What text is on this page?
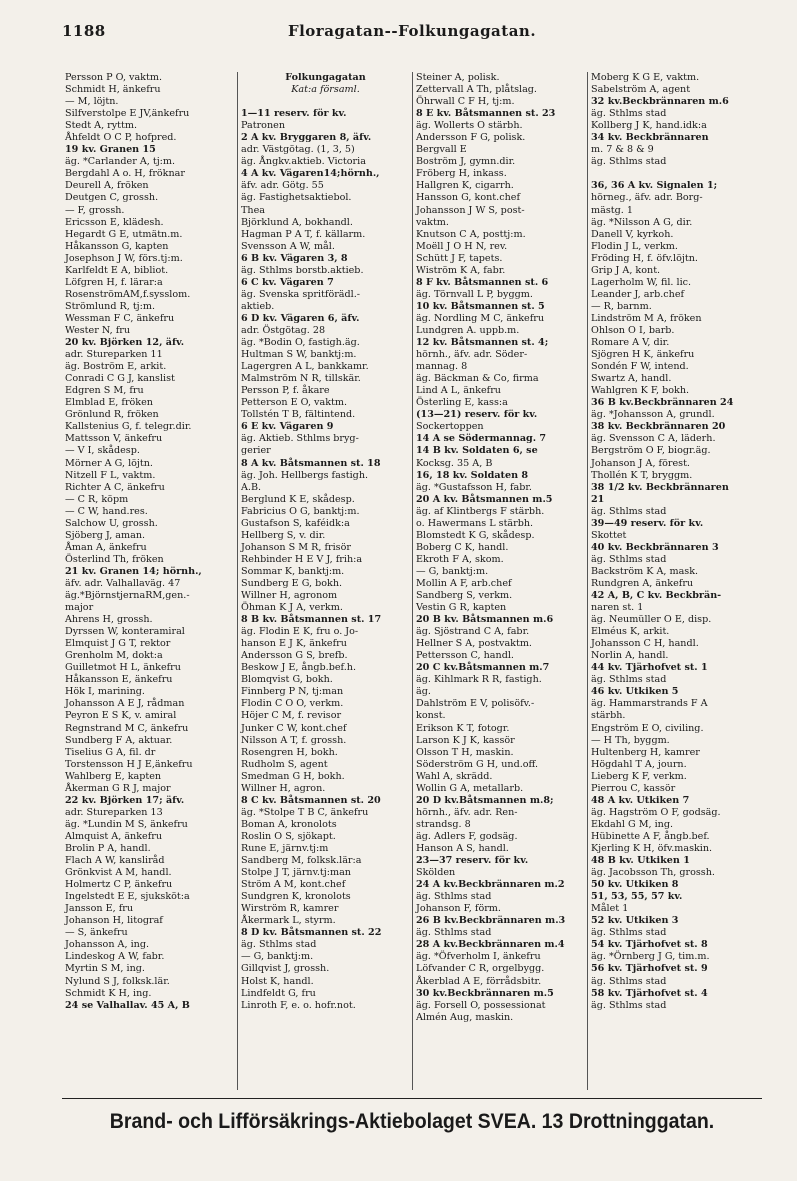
1188	Floragatan--Folkungagatan.
Persson P O, vaktm.
Schmidt H, änkefru
— M, löjtn.
Silfverstolpe E JV,änkefru
Stedt A, ryttm.
Åhfeldt O C P, hofpred.
19 kv. Granen 15
äg. *Carlander A, tj:m.
Bergdahl A o. H, fröknar
Deurell A, fröken
Deutgen C, grossh.
— F, grossh.
Ericsson E, klädesh.
Hegardt G E, utmätn.m.
Håkansson G, kapten
Josephson J W, förs.tj:m.
Karlfeldt E A, bibliot.
Löfgren H, f. lärar:a
RosenströmAM,f.sysslom.
Strömlund R, tj:m.
Wessman F C, änkefru
Wester N, fru
20 kv. Björken 12, äfv.
adr. Stureparken 11
äg. Boström E, arkit.
Conradi C G J, kanslist
Edgren S M, fru
Elmblad E, fröken
Grönlund R, fröken
Kallstenius G, f. telegr.dir.
Mattsson V, änkefru
— V I, skådesp.
Mörner A G, löjtn.
Nitzell F L, vaktm.
Richter A C, änkefru
— C R, köpm
— C W, hand.res.
Salchow U, grossh.
Sjöberg J, aman.
Åman A, änkefru
Österlind Th, fröken
21 kv. Granen 14; hörnh.,
äfv. adr. Valhallaväg. 47
äg.*BjörnstjernaRM,gen.-
major
Ahrens H, grossh.
Dyrssen W, konteramiral
Elmquist J G T, rektor
Grenholm M, dokt:a
Guilletmot H L, änkefru
Håkansson E, änkefru
Hök I, marining.
Johansson A E J, rådman
Peyron E S K, v. amiral
Regnstrand M C, änkefru
Sundberg F A, aktuar.
Tiselius G A, fil. dr
Torstensson H J E,änkefru
Wahlberg E, kapten
Åkerman G R J, major
22 kv. Björken 17; äfv.
adr. Stureparken 13
äg. *Lundin M S, änkefru
Almquist A, änkefru
Brolin P A, handl.
Flach A W, kansliråd
Grönkvist A M, handl.
Holmertz C P, änkefru
Ingelstedt E E, sjuksköt:a
Jansson E, fru
Johanson H, litograf
— S, änkefru
Johansson A, ing.
Lindeskog A W, fabr.
Myrtin S M, ing.
Nylund S J, folksk.lär.
Schmidt K H, ing.
24 se Valhallav. 45 A, B
Folkungagatan
Kat:a församl.
1—11 reserv. för kv.
Patronen
2 A kv. Bryggaren 8, äfv.
adr. Västgötag. (1, 3, 5)
äg. Ångkv.aktieb. Victoria
4 A kv. Vägaren14;hörnh.,
äfv. adr. Götg. 55
äg. Fastighetsaktiebol.
Thea
Björklund A, bokhandl.
Hagman P A T, f. källarm.
Svensson A W, mål.
6 B kv. Vägaren 3, 8
äg. Sthlms borstb.aktieb.
6 C kv. Vägaren 7
äg. Svenska spritförädl.-
aktieb.
6 D kv. Vägaren 6, äfv.
adr. Östgötag. 28
äg. *Bodin O, fastigh.äg.
Hultman S W, banktj:m.
Lagergren A L, bankkamr.
Malmström N R, tillskär.
Persson P, f. åkare
Petterson E O, vaktm.
Tollstén T B, fältintend.
6 E kv. Vägaren 9
äg. Aktieb. Sthlms bryg-
gerier
8 A kv. Båtsmannen st. 18
äg. Joh. Hellbergs fastigh.
A.B.
Berglund K E, skådesp.
Fabricius O G, banktj:m.
Gustafson S, kaféidk:a
Hellberg S, v. dir.
Johanson S M R, frisör
Rehbinder H E V J, frih:a
Sommar K, banktj:m.
Sundberg E G, bokh.
Willner H, agronom
Öhman K J A, verkm.
8 B kv. Båtsmannen st. 17
äg. Flodin E K, fru o. Jo-
hanson E J K, änkefru
Andersson G S, brefb.
Beskow J E, ångb.bef.h.
Blomqvist G, bokh.
Finnberg P N, tj:man
Flodin C O O, verkm.
Höjer C M, f. revisor
Junker C W, kont.chef
Nilsson A T, f. grossh.
Rosengren H, bokh.
Rudholm S, agent
Smedman G H, bokh.
Willner H, agron.
8 C kv. Båtsmannen st. 20
äg. *Stolpe T B C, änkefru
Boman A, kronolots
Roslin O S, sjökapt.
Rune E, järnv.tj:m
Sandberg M, folksk.lär:a
Stolpe J T, järnv.tj:man
Ström A M, kont.chef
Sundgren K, kronolots
Wirström R, kamrer
Åkermark L, styrm.
8 D kv. Båtsmannen st. 22
äg. Sthlms stad
— G, banktj:m.
Gillqvist J, grossh.
Holst K, handl.
Lindfeldt G, fru
Linroth F, e. o. hofr.not.
Steiner A, polisk.
Zettervall A Th, plåtslag.
Öhrwall C F H, tj:m.
8 E kv. Båtsmannen st. 23
äg. Wollerts O stärbh.
Andersson F G, polisk.
Bergvall E
Boström J, gymn.dir.
Fröberg H, inkass.
Hallgren K, cigarrh.
Hansson G, kont.chef
Johansson J W S, post-
vaktm.
Knutson C A, posttj:m.
Moëll J O H N, rev.
Schütt J F, tapets.
Wiström K A, fabr.
8 F kv. Båtsmannen st. 6
äg. Törnvall L P, byggm.
10 kv. Båtsmannen st. 5
äg. Nordling M C, änkefru
Lundgren A. uppb.m.
12 kv. Båtsmannen st. 4;
hörnh., äfv. adr. Söder-
mannag. 8
äg. Bäckman & Co, firma
Lind A L, änkefru
Österling E, kass:a
(13—21) reserv. för kv.
Sockertoppen
14 A se Södermannag. 7
14 B kv. Soldaten 6, se
Kocksg. 35 A, B
16, 18 kv. Soldaten 8
äg. *Gustafsson H, fabr.
20 A kv. Båtsmannen m.5
äg. af Klintbergs F stärbh.
o. Hawermans L stärbh.
Blomstedt K G, skådesp.
Boberg C K, handl.
Ekroth F A, skom.
— G, banktj:m.
Mollin A F, arb.chef
Sandberg S, verkm.
Vestin G R, kapten
20 B kv. Båtsmannen m.6
äg. Sjöstrand C A, fabr.
Hellner S A, postvaktm.
Pettersson C, handl.
20 C kv.Båtsmannen m.7
äg. Kihlmark R R, fastigh.
äg.
Dahlström E V, polisöfv.-
konst.
Erikson K T, fotogr.
Larson K J K, kassör
Olsson T H, maskin.
Söderström G H, und.off.
Wahl A, skrädd.
Wollin G A, metallarb.
20 D kv.Båtsmannen m.8;
hörnh., äfv. adr. Ren-
strandsg. 8
äg. Adlers F, godsäg.
Hanson A S, handl.
23—37 reserv. för kv.
Skölden
24 A kv.Beckbrännaren m.2
äg. Sthlms stad
Johanson F, förm.
26 B kv.Beckbrännaren m.3
äg. Sthlms stad
28 A kv.Beckbrännaren m.4
äg. *Öfverholm I, änkefru
Löfvander C R, orgelbygg.
Åkerblad A E, förrådsbitr.
30 kv.Beckbrännaren m.5
äg. Forsell O, possessionat
Almén Aug, maskin.
Moberg K G E, vaktm.
Sabelström A, agent
32 kv.Beckbrännaren m.6
äg. Sthlms stad
Kollberg J K, hand.idk:a
34 kv. Beckbrännaren
m. 7 & 8 & 9
äg. Sthlms stad
36, 36 A kv. Signalen 1;
hörneg., äfv. adr. Borg-
mästg. 1
äg. *Nilsson A G, dir.
Danell V, kyrkoh.
Flodin J L, verkm.
Fröding H, f. öfv.löjtn.
Grip J A, kont.
Lagerholm W, fil. lic.
Leander J, arb.chef
— R, barnm.
Lindström M A, fröken
Ohlson O I, barb.
Romare A V, dir.
Sjögren H K, änkefru
Sondén F W, intend.
Swartz A, handl.
Wahlgren K F, bokh.
36 B kv.Beckbrännaren 24
äg. *Johansson A, grundl.
38 kv. Beckbrännaren 20
äg. Svensson C A, läderh.
Bergström O F, biogr.äg.
Johanson J A, förest.
Thollén K T, bryggm.
38 1/2 kv. Beckbrännaren
21
äg. Sthlms stad
39—49 reserv. för kv.
Skottet
40 kv. Beckbrännaren 3
äg. Sthlms stad
Backström K A, mask.
Rundgren A, änkefru
42 A, B, C kv. Beckbrän-
naren st. 1
äg. Neumüller O E, disp.
Elméus K, arkit.
Johansson C H, handl.
Norlin A, handl.
44 kv. Tjärhofvet st. 1
äg. Sthlms stad
46 kv. Utkiken 5
äg. Hammarstrands F A
stärbh.
Engström E O, civiling.
— H Th, byggm.
Hultenberg H, kamrer
Högdahl T A, journ.
Lieberg K F, verkm.
Pierrou C, kassör
48 A kv. Utkiken 7
äg. Hagström O F, godsäg.
Ekdahl G M, ing.
Hübinette A F, ångb.bef.
Kjerling K H, öfv.maskin.
48 B kv. Utkiken 1
äg. Jacobsson Th, grossh.
50 kv. Utkiken 8
51, 53, 55, 57 kv.
Målet 1
52 kv. Utkiken 3
äg. Sthlms stad
54 kv. Tjärhofvet st. 8
äg. *Örnberg J G, tim.m.
56 kv. Tjärhofvet st. 9
äg. Sthlms stad
58 kv. Tjärhofvet st. 4
äg. Sthlms stad
Brand- och Lifförsäkrings-Aktiebolaget SVEA. 13 Drottninggatan.
